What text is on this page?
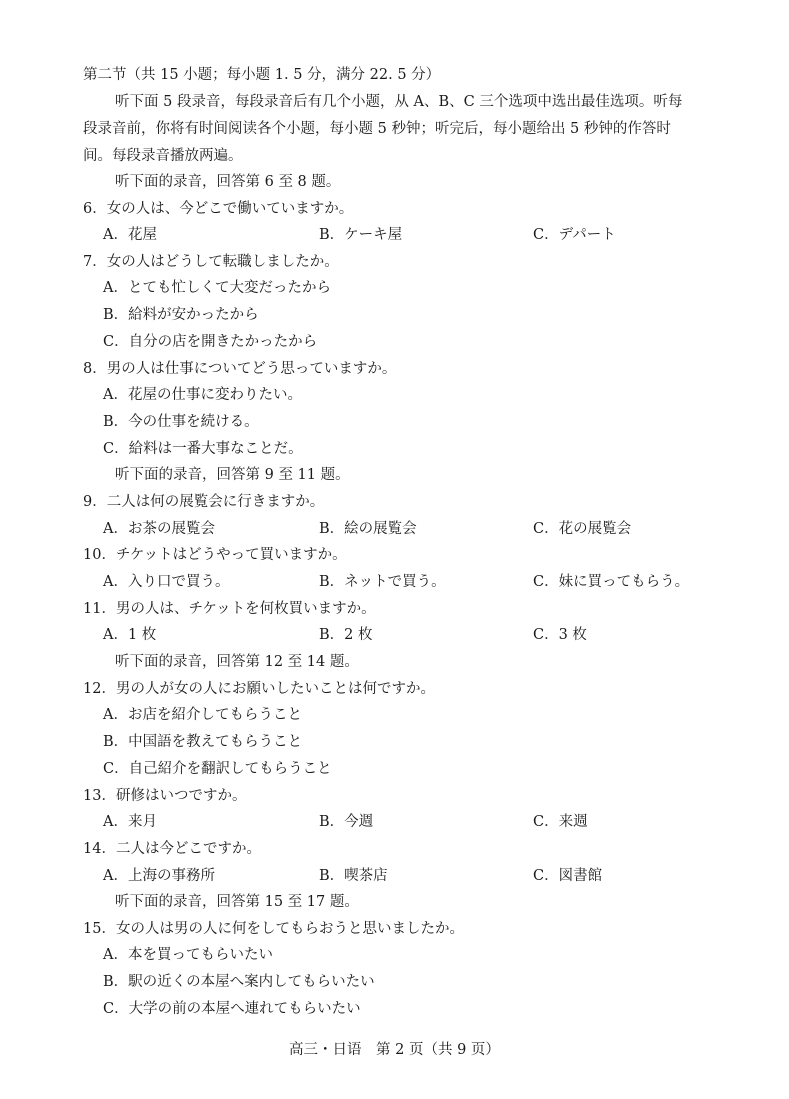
第二节（共 15 小题；每小题 1. 5 分，满分 22. 5 分）
听下面 5 段录音，每段录音后有几个小题，从 A、B、C 三个选项中选出最佳选项。听每
段录音前，你将有时间阅读各个小题，每小题 5 秒钟；听完后，每小题给出 5 秒钟的作答时
间。每段录音播放两遍。
听下面的录音，回答第 6 至 8 题。
6．女の人は、今どこで働いていますか。
A．花屋	B．ケーキ屋	C．デパート
7．女の人はどうして転職しましたか。
A．とても忙しくて大変だったから
B．給料が安かったから
C．自分の店を開きたかったから
8．男の人は仕事についてどう思っていますか。
A．花屋の仕事に変わりたい。
B．今の仕事を続ける。
C．給料は一番大事なことだ。
听下面的录音，回答第 9 至 11 题。
9．二人は何の展覧会に行きますか。
A．お茶の展覧会	B．絵の展覧会	C．花の展覧会
10．チケットはどうやって買いますか。
A．入り口で買う。	B．ネットで買う。	C．妹に買ってもらう。
11．男の人は、チケットを何枚買いますか。
A．1 枚	B．2 枚	C．3 枚
听下面的录音，回答第 12 至 14 题。
12．男の人が女の人にお願いしたいことは何ですか。
A．お店を紹介してもらうこと
B．中国語を教えてもらうこと
C．自己紹介を翻訳してもらうこと
13．研修はいつですか。
A．来月	B．今週	C．来週
14．二人は今どこですか。
A．上海の事務所	B．喫茶店	C．図書館
听下面的录音，回答第 15 至 17 题。
15．女の人は男の人に何をしてもらおうと思いましたか。
A．本を買ってもらいたい
B．駅の近くの本屋へ案内してもらいたい
C．大学の前の本屋へ連れてもらいたい
高三・日语　第 2 页（共 9 页）
